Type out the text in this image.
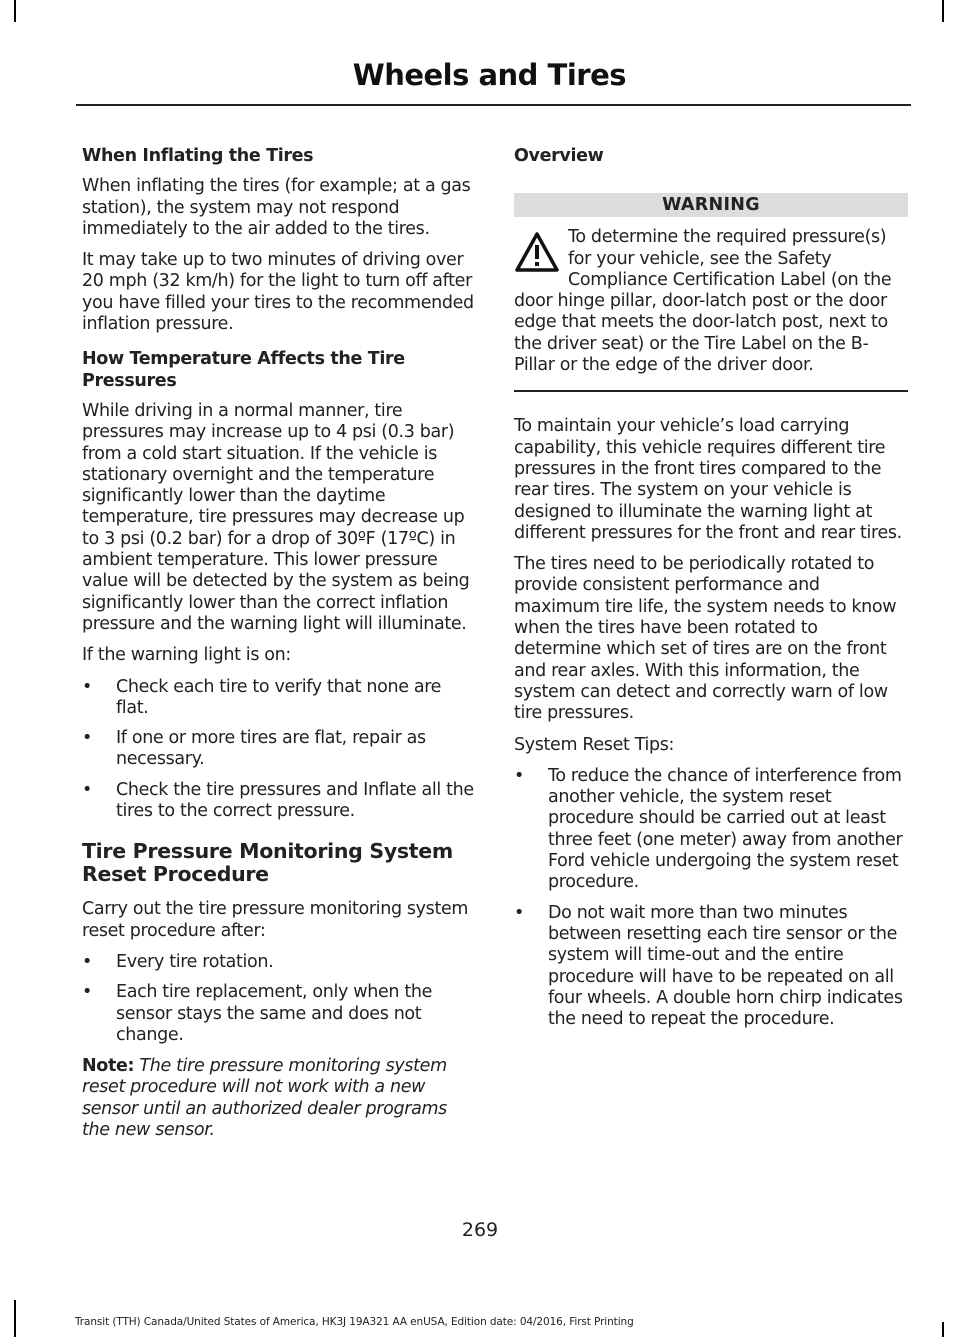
Wheels and Tires
When Inflating the Tires
When inflating the tires (for example; at a gas station), the system may not respond immediately to the air added to the tires.
It may take up to two minutes of driving over 20 mph (32 km/h) for the light to turn off after you have filled your tires to the recommended inflation pressure.
How Temperature Affects the Tire Pressures
While driving in a normal manner, tire pressures may increase up to 4 psi (0.3 bar) from a cold start situation. If the vehicle is stationary overnight and the temperature significantly lower than the daytime temperature, tire pressures may decrease up to 3 psi (0.2 bar) for a drop of 30ºF (17ºC) in ambient temperature. This lower pressure value will be detected by the system as being significantly lower than the correct inflation pressure and the warning light will illuminate.
If the warning light is on:
• Check each tire to verify that none are flat.
• If one or more tires are flat, repair as necessary.
• Check the tire pressures and Inflate all the tires to the correct pressure.
Tire Pressure Monitoring System Reset Procedure
Carry out the tire pressure monitoring system reset procedure after:
• Every tire rotation.
• Each tire replacement, only when the sensor stays the same and does not change.
Note: The tire pressure monitoring system reset procedure will not work with a new sensor until an authorized dealer programs the new sensor.
Overview
WARNING
To determine the required pressure(s) for your vehicle, see the Safety Compliance Certification Label (on the door hinge pillar, door-latch post or the door edge that meets the door-latch post, next to the driver seat) or the Tire Label on the B-Pillar or the edge of the driver door.
To maintain your vehicle’s load carrying capability, this vehicle requires different tire pressures in the front tires compared to the rear tires. The system on your vehicle is designed to illuminate the warning light at different pressures for the front and rear tires.
The tires need to be periodically rotated to provide consistent performance and maximum tire life, the system needs to know when the tires have been rotated to determine which set of tires are on the front and rear axles. With this information, the system can detect and correctly warn of low tire pressures.
System Reset Tips:
• To reduce the chance of interference from another vehicle, the system reset procedure should be carried out at least three feet (one meter) away from another Ford vehicle undergoing the system reset procedure.
• Do not wait more than two minutes between resetting each tire sensor or the system will time-out and the entire procedure will have to be repeated on all four wheels. A double horn chirp indicates the need to repeat the procedure.
269
Transit (TTH) Canada/United States of America, HK3J 19A321 AA enUSA, Edition date: 04/2016, First Printing
